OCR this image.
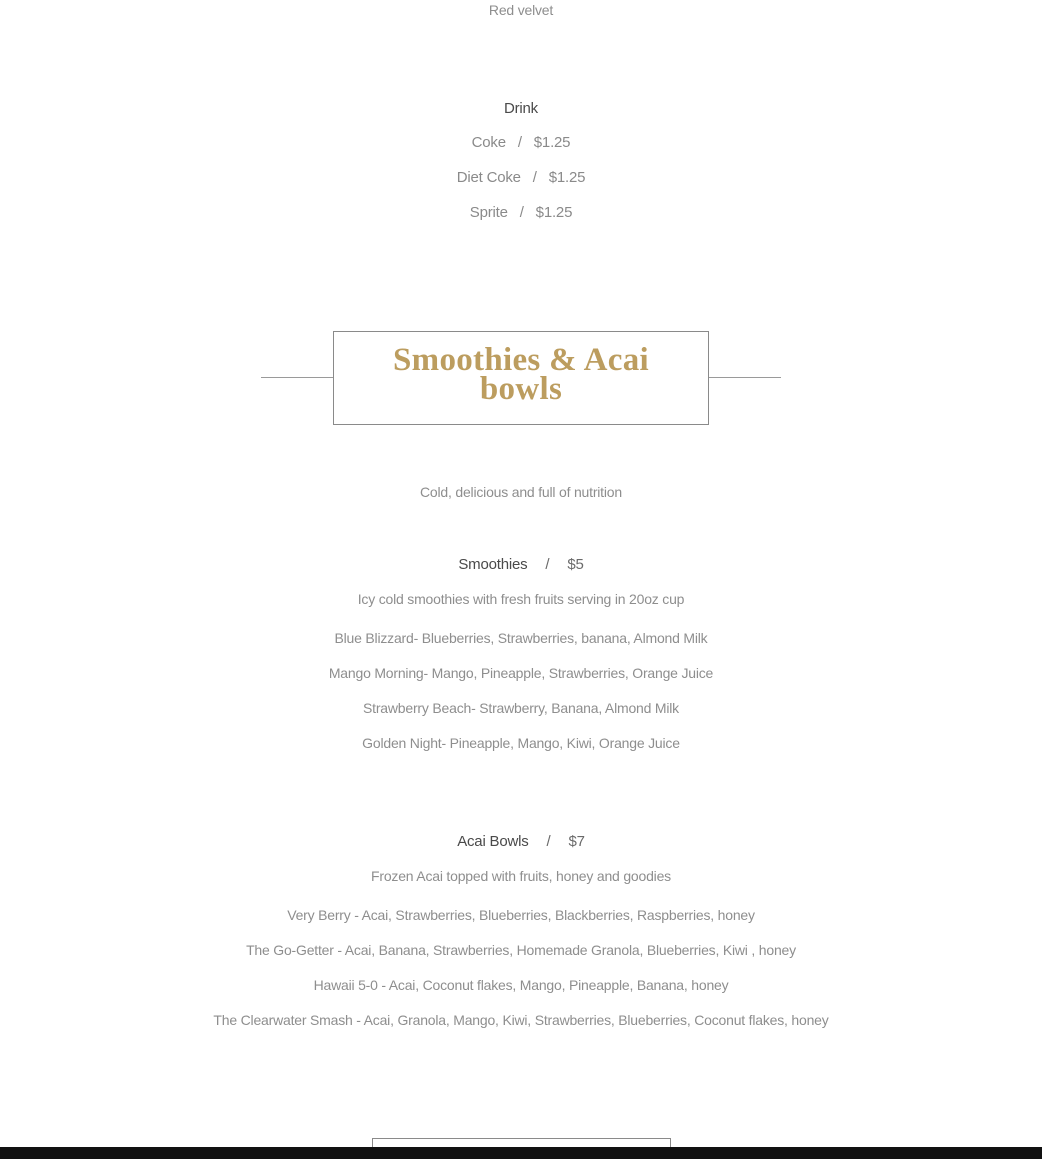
Red velvet
Drink
Coke / $1.25
Diet Coke / $1.25
Sprite / $1.25
Smoothies & Acai
bowls
Cold, delicious and full of nutrition
Smoothies / $5
Icy cold smoothies with fresh fruits serving in 20oz cup
Blue Blizzard- Blueberries, Strawberries, banana, Almond Milk
Mango Morning- Mango, Pineapple, Strawberries, Orange Juice
Strawberry Beach- Strawberry, Banana, Almond Milk
Golden Night- Pineapple, Mango, Kiwi, Orange Juice
Acai Bowls / $7
Frozen Acai topped with fruits, honey and goodies
Very Berry - Acai, Strawberries, Blueberries, Blackberries, Raspberries, honey
The Go-Getter - Acai, Banana, Strawberries, Homemade Granola, Blueberries, Kiwi , honey
Hawaii 5-0 - Acai, Coconut flakes, Mango, Pineapple, Banana, honey
The Clearwater Smash - Acai, Granola, Mango, Kiwi, Strawberries, Blueberries, Coconut flakes, honey
